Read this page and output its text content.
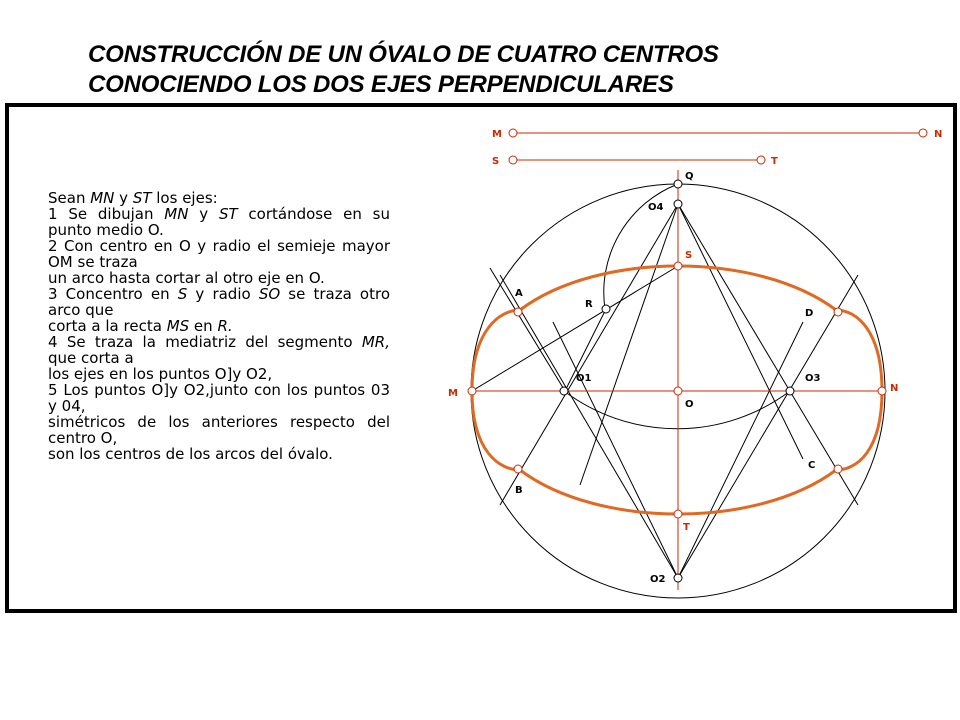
CONSTRUCCIÓN DE UN ÓVALO DE CUATRO CENTROS
CONOCIENDO LOS DOS EJES PERPENDICULARES

Sean MN y ST los ejes:

1 Se dibujan MN y ST cortándose en su punto medio O.

2 Con centro en O y radio el semieje mayor OM se traza

un arco hasta cortar al otro eje en O.

3 Concentro en S y radio SO se traza otro arco que

corta a la recta MS en R.

4 Se traza la mediatriz del segmento MR, que corta a

los ejes en los puntos O]y O2,

5 Los puntos O]y O2,junto con los puntos 03 y 04,

simétricos de los anteriores respecto del centro O,

son los centros de los arcos del óvalo.

M	N
S	T
Q
O4
S
A
R
D
O1	O3
M	N
O
C
B
T
O2
